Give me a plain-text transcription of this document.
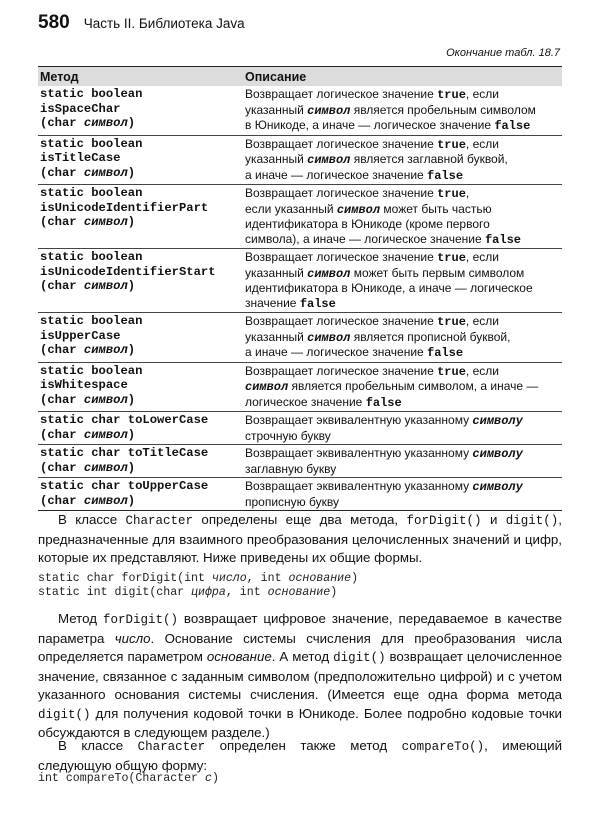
580 Часть II. Библиотека Java
Окончание табл. 18.7
Метод	Описание
static boolean
isSpaceChar
(char символ)
Возвращает логическое значение true, если
указанный символ является пробельным символом
в Юникоде, а иначе — логическое значение false
static boolean
isTitleCase
(char символ)
Возвращает логическое значение true, если
указанный символ является заглавной буквой,
а иначе — логическое значение false
static boolean
isUnicodeIdentifierPart
(char символ)
Возвращает логическое значение true,
если указанный символ может быть частью
идентификатора в Юникоде (кроме первого
символа), а иначе — логическое значение false
static boolean
isUnicodeIdentifierStart
(char символ)
Возвращает логическое значение true, если
указанный символ может быть первым символом
идентификатора в Юникоде, а иначе — логическое
значение false
static boolean
isUpperCase
(char символ)
Возвращает логическое значение true, если
указанный символ является прописной буквой,
а иначе — логическое значение false
static boolean
isWhitespace
(char символ)
Возвращает логическое значение true, если
символ является пробельным символом, а иначе —
логическое значение false
static char toLowerCase
(char символ)
Возвращает эквивалентную указанному символу
строчную букву
static char toTitleCase
(char символ)
Возвращает эквивалентную указанному символу
заглавную букву
static char toUpperCase
(char символ)
Возвращает эквивалентную указанному символу
прописную букву
В классе Character определены еще два метода, forDigit() и digit(), предназначенные для взаимного преобразования целочисленных значений и цифр, которые их представляют. Ниже приведены их общие формы.
static char forDigit(int число, int основание)
static int digit(char цифра, int основание)
Метод forDigit() возвращает цифровое значение, передаваемое в качестве параметра число. Основание системы счисления для преобразования числа определяется параметром основание. А метод digit() возвращает целочисленное значение, связанное с заданным символом (предположительно цифрой) и с учетом указанного основания системы счисления. (Имеется еще одна форма метода digit() для получения кодовой точки в Юникоде. Более подробно кодовые точки обсуждаются в следующем разделе.)
В классе Character определен также метод compareTo(), имеющий следующую общую форму:
int compareTo(Character c)
